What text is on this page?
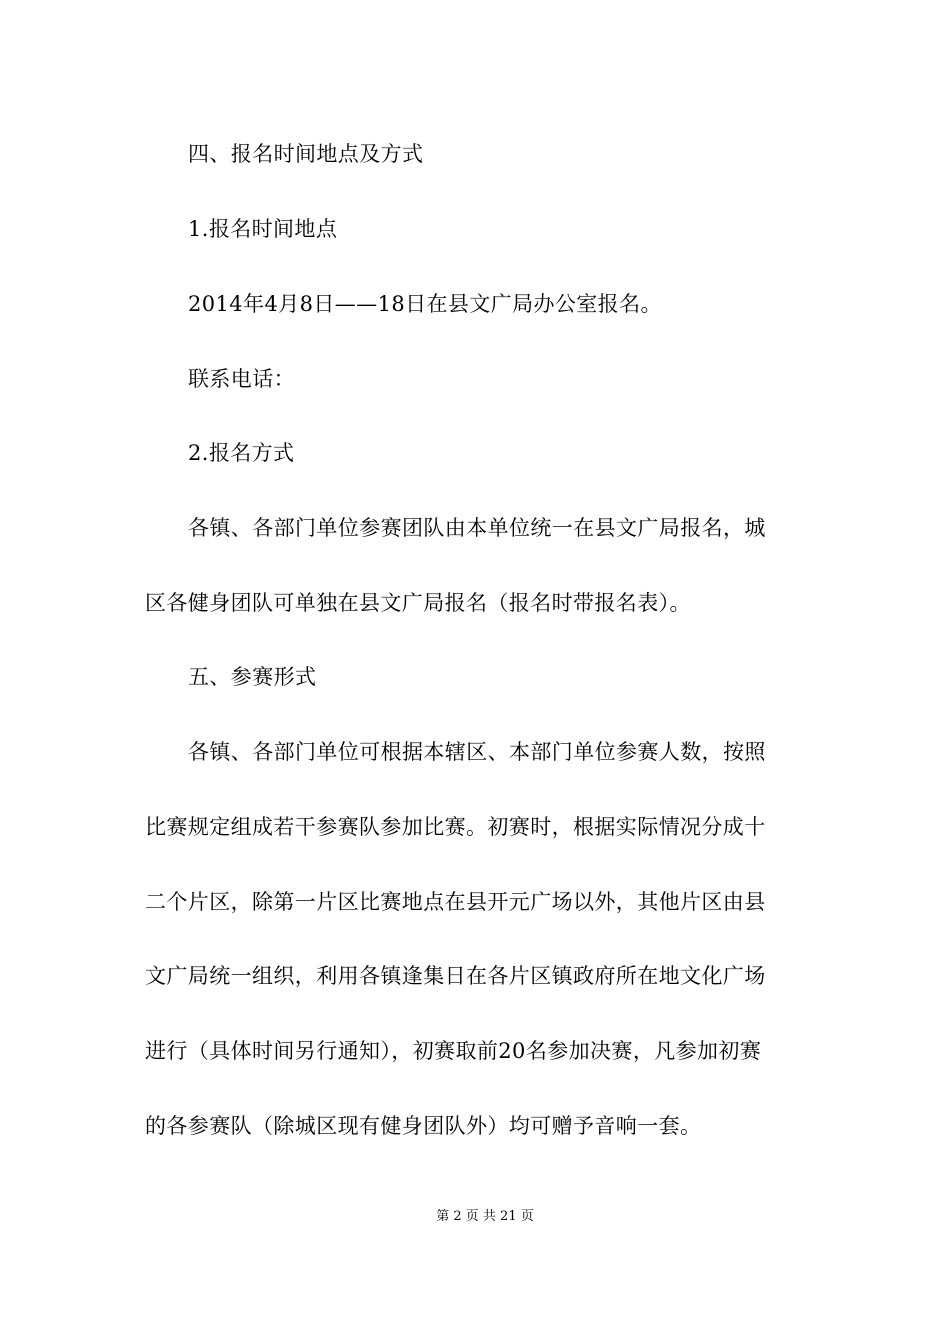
四、报名时间地点及方式
1.报名时间地点
2014年4月8日——18日在县文广局办公室报名。
联系电话：
2.报名方式
各镇、各部门单位参赛团队由本单位统一在县文广局报名，城
区各健身团队可单独在县文广局报名（报名时带报名表）。
五、参赛形式
各镇、各部门单位可根据本辖区、本部门单位参赛人数，按照
比赛规定组成若干参赛队参加比赛。初赛时，根据实际情况分成十
二个片区，除第一片区比赛地点在县开元广场以外，其他片区由县
文广局统一组织，利用各镇逢集日在各片区镇政府所在地文化广场
进行（具体时间另行通知），初赛取前20名参加决赛，凡参加初赛
的各参赛队（除城区现有健身团队外）均可赠予音响一套。
第 2 页 共 21 页
